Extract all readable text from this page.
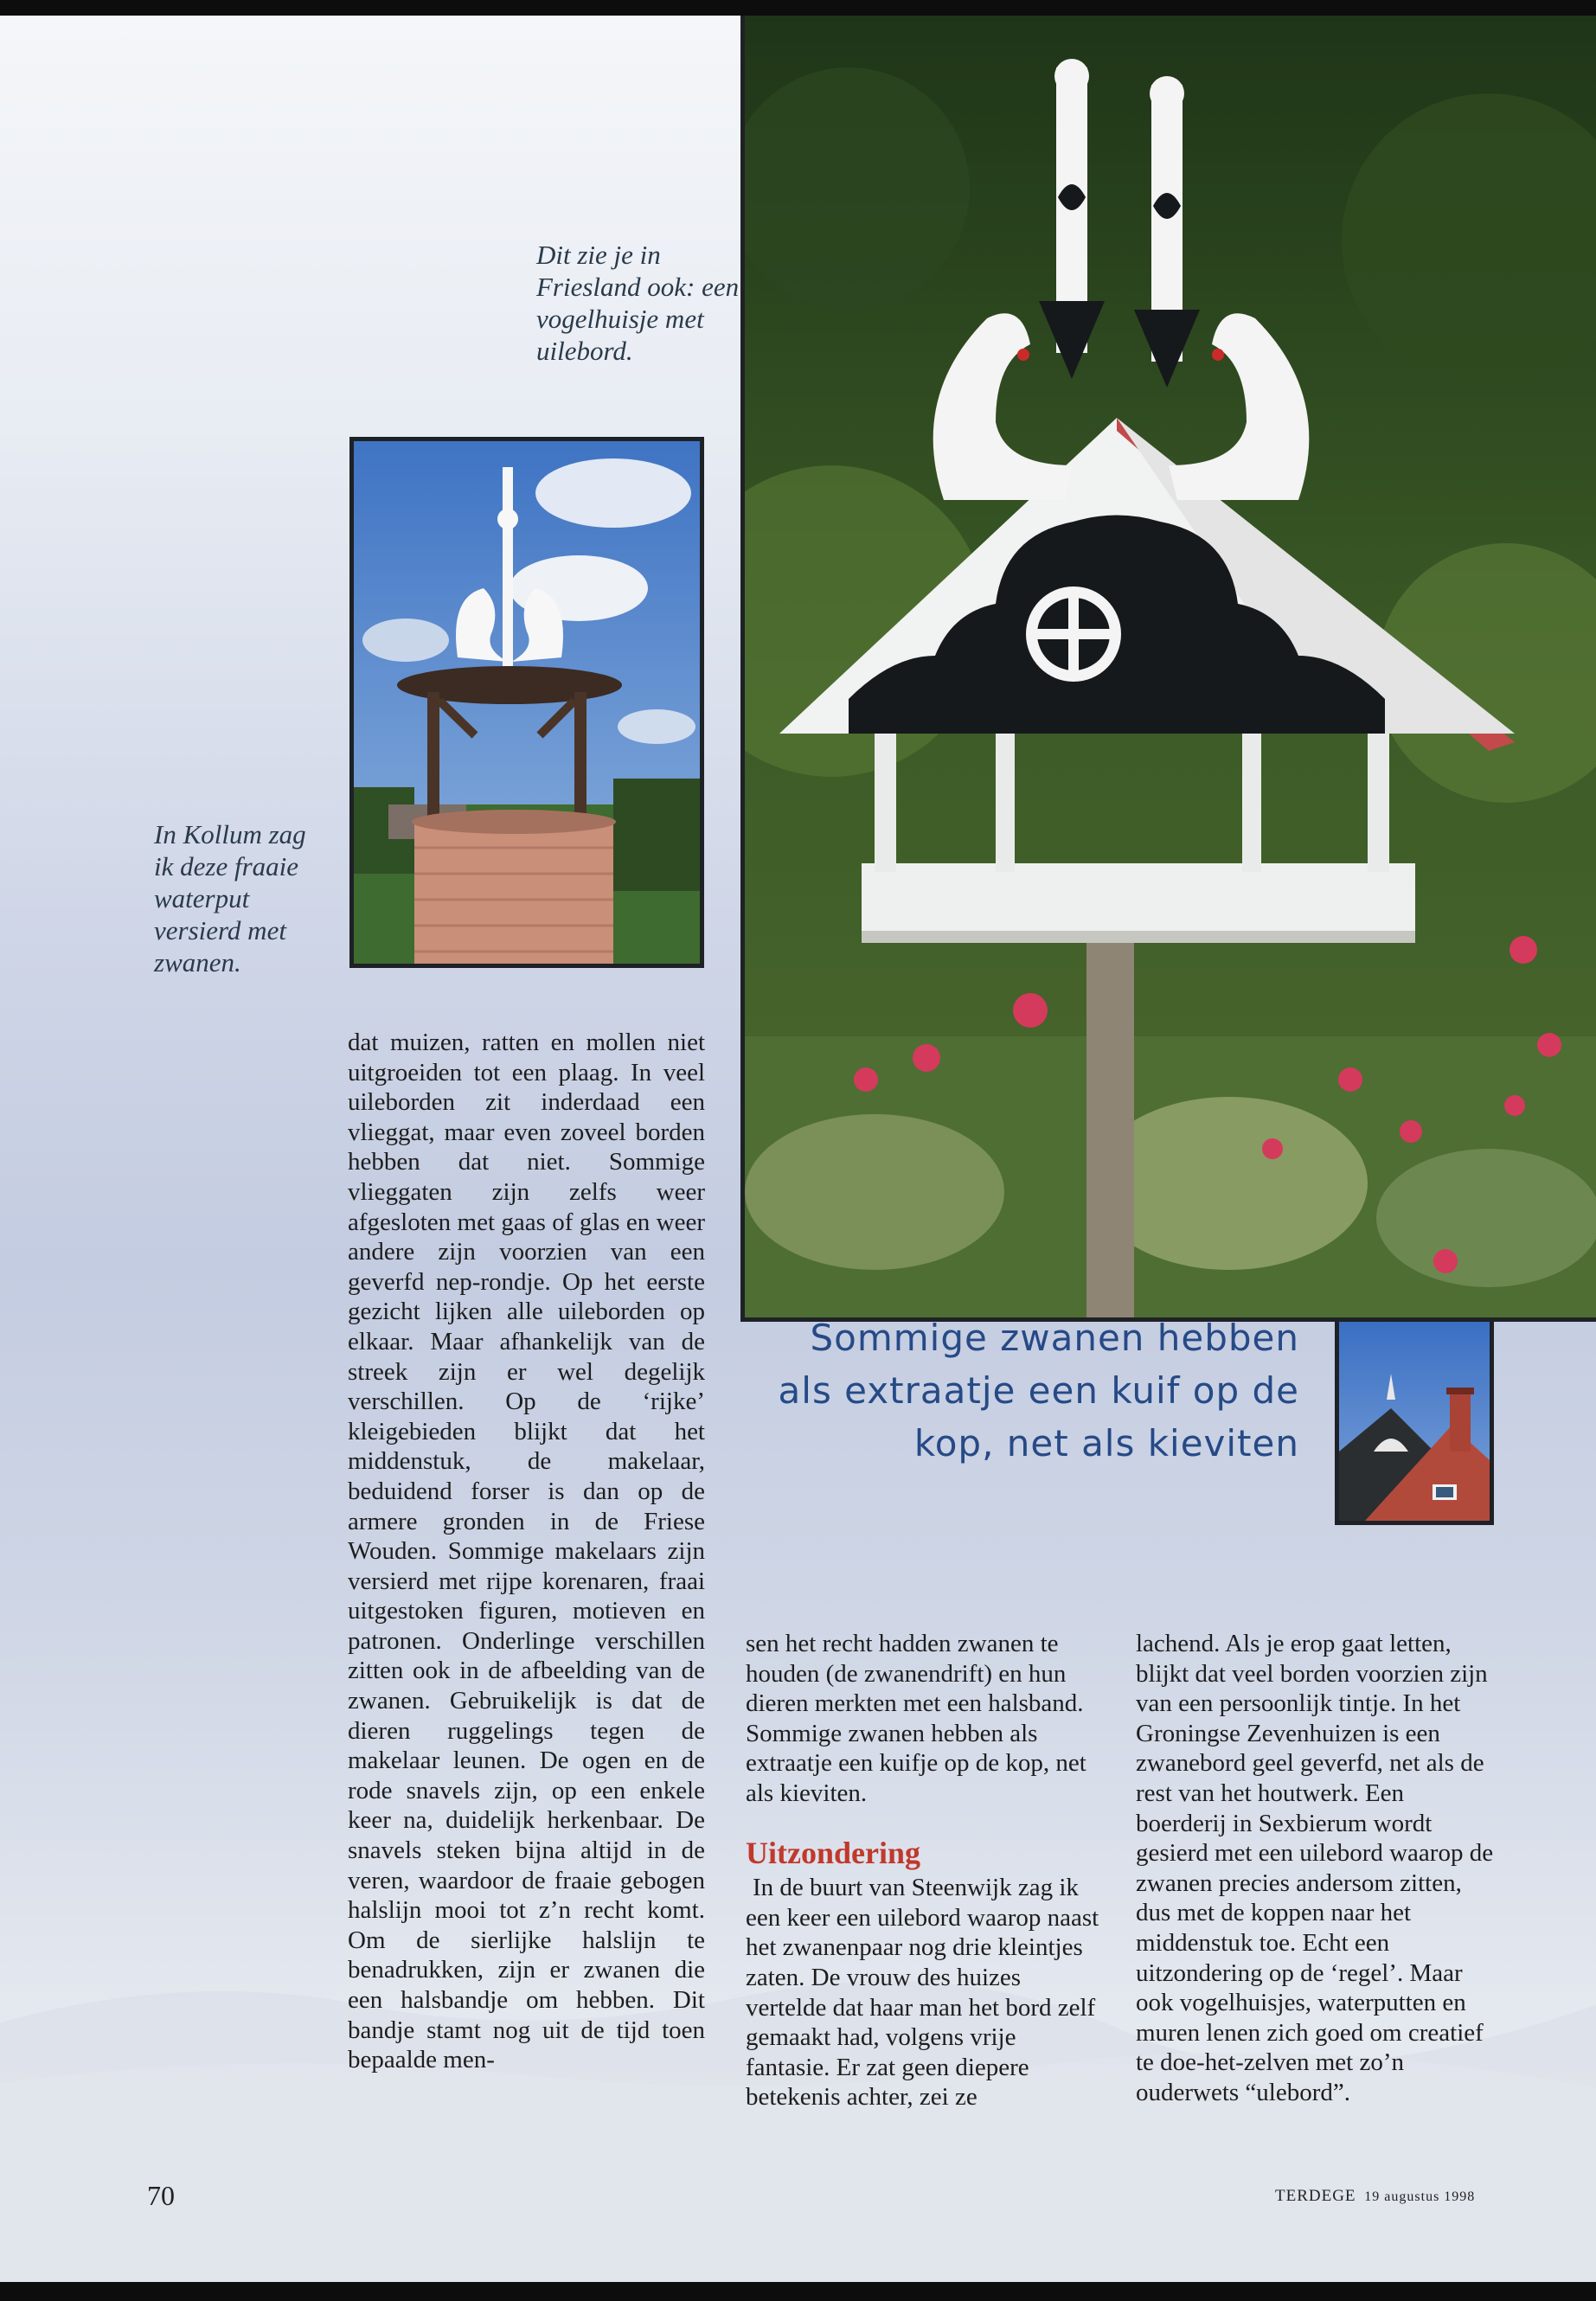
Dit zie je in Friesland ook: een vogelhuisje met uilebord.
In Kollum zag ik deze fraaie waterput versierd met zwanen.
dat muizen, ratten en mollen niet uitgroeiden tot een plaag. In veel uileborden zit inderdaad een vlieggat, maar even zoveel borden hebben dat niet. Sommige vlieggaten zijn zelfs weer afgesloten met gaas of glas en weer andere zijn voorzien van een geverfd nep-rondje. Op het eerste gezicht lijken alle uileborden op elkaar. Maar afhankelijk van de streek zijn er wel degelijk verschillen. Op de ‘rijke’ kleigebieden blijkt dat het middenstuk, de makelaar, beduidend forser is dan op de armere gronden in de Friese Wouden. Sommige makelaars zijn versierd met rijpe korenaren, fraai uitgestoken figuren, motieven en patronen. Onderlinge verschillen zitten ook in de afbeelding van de zwanen. Gebruikelijk is dat de dieren ruggelings tegen de makelaar leunen. De ogen en de rode snavels zijn, op een enkele keer na, duidelijk herkenbaar. De snavels steken bijna altijd in de veren, waardoor de fraaie gebogen halslijn mooi tot z’n recht komt. Om de sierlijke halslijn te benadrukken, zijn er zwanen die een halsbandje om hebben. Dit bandje stamt nog uit de tijd toen bepaalde men-
Sommige zwanen hebben als extraatje een kuif op de kop, net als kieviten
sen het recht hadden zwanen te houden (de zwanendrift) en hun dieren merkten met een halsband. Sommige zwanen hebben als extraatje een kuifje op de kop, net als kieviten.
Uitzondering
In de buurt van Steenwijk zag ik een keer een uilebord waarop naast het zwanenpaar nog drie kleintjes zaten. De vrouw des huizes vertelde dat haar man het bord zelf gemaakt had, volgens vrije fantasie. Er zat geen diepere betekenis achter, zei ze
lachend. Als je erop gaat letten, blijkt dat veel borden voorzien zijn van een persoonlijk tintje. In het Groningse Zevenhuizen is een zwanebord geel geverfd, net als de rest van het houtwerk. Een boerderij in Sexbierum wordt gesierd met een uilebord waarop de zwanen precies andersom zitten, dus met de koppen naar het middenstuk toe. Echt een uitzondering op de ‘regel’. Maar ook vogelhuisjes, waterputten en muren lenen zich goed om creatief te doe-het-zelven met zo’n ouderwets “ulebord”.
70	TERDEGE 19 augustus 1998
